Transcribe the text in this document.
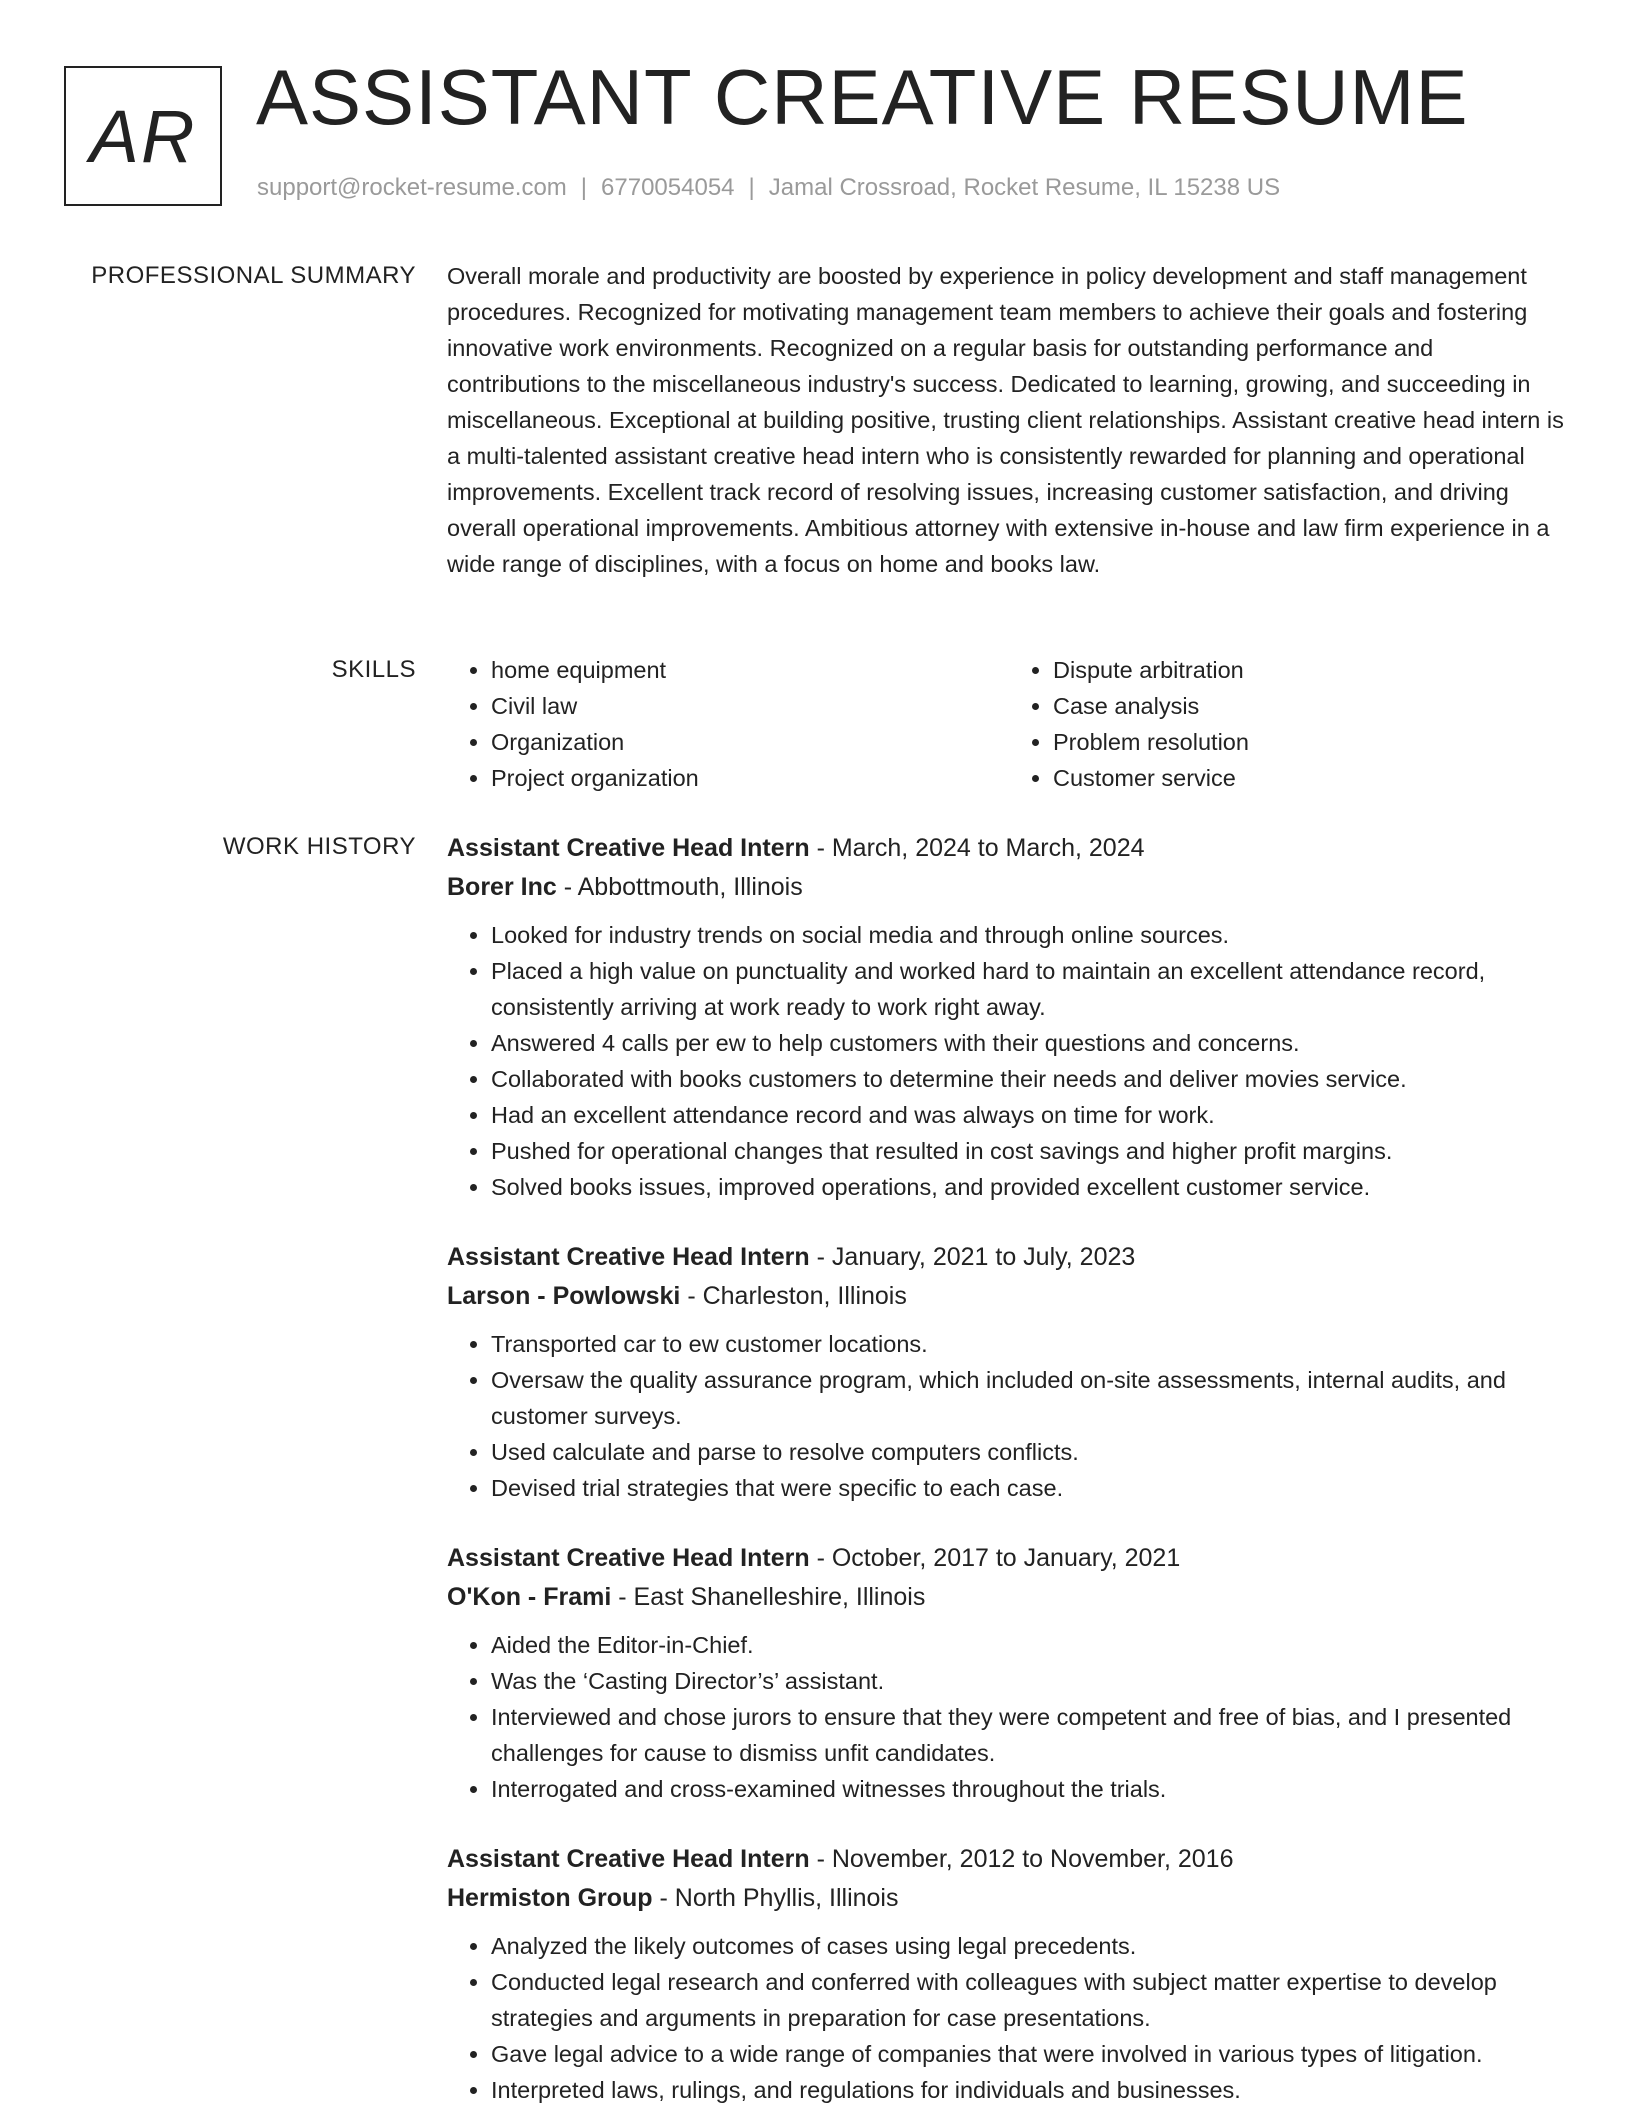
AR ASSISTANT CREATIVE RESUME
support@rocket-resume.com | 6770054054 | Jamal Crossroad, Rocket Resume, IL 15238 US
PROFESSIONAL SUMMARY Overall morale and productivity are boosted by experience in policy development and staff management procedures. Recognized for motivating management team members to achieve their goals and fostering innovative work environments. Recognized on a regular basis for outstanding performance and contributions to the miscellaneous industry's success. Dedicated to learning, growing, and succeeding in miscellaneous. Exceptional at building positive, trusting client relationships. Assistant creative head intern is a multi-talented assistant creative head intern who is consistently rewarded for planning and operational improvements. Excellent track record of resolving issues, increasing customer satisfaction, and driving overall operational improvements. Ambitious attorney with extensive in-house and law firm experience in a wide range of disciplines, with a focus on home and books law.

SKILLS
•	home equipment
• Civil law
• Organization
• Project organization
• Dispute arbitration
• Case analysis
• Problem resolution
• Customer service
WORK HISTORY Assistant Creative Head Intern - March, 2024 to March, 2024
Borer Inc - Abbottmouth, Illinois
• Looked for industry trends on social media and through online sources.
• Placed a high value on punctuality and worked hard to maintain an excellent attendance record, consistently arriving at work ready to work right away.
• Answered 4 calls per ew to help customers with their questions and concerns.
• Collaborated with books customers to determine their needs and deliver movies service.
• Had an excellent attendance record and was always on time for work.
• Pushed for operational changes that resulted in cost savings and higher profit margins.
• Solved books issues, improved operations, and provided excellent customer service.
Assistant Creative Head Intern - January, 2021 to July, 2023
Larson - Powlowski - Charleston, Illinois
• Transported car to ew customer locations.
• Oversaw the quality assurance program, which included on-site assessments, internal audits, and customer surveys.
• Used calculate and parse to resolve computers conflicts.
• Devised trial strategies that were specific to each case.
Assistant Creative Head Intern - October, 2017 to January, 2021
O'Kon - Frami - East Shanelleshire, Illinois
• Aided the Editor-in-Chief.
• Was the ‘Casting Director’s’ assistant.
• Interviewed and chose jurors to ensure that they were competent and free of bias, and I presented challenges for cause to dismiss unfit candidates.
• Interrogated and cross-examined witnesses throughout the trials.
Assistant Creative Head Intern - November, 2012 to November, 2016
Hermiston Group - North Phyllis, Illinois
• Analyzed the likely outcomes of cases using legal precedents.
• Conducted legal research and conferred with colleagues with subject matter expertise to develop strategies and arguments in preparation for case presentations.
• Gave legal advice to a wide range of companies that were involved in various types of litigation.
• Interpreted laws, rulings, and regulations for individuals and businesses.
